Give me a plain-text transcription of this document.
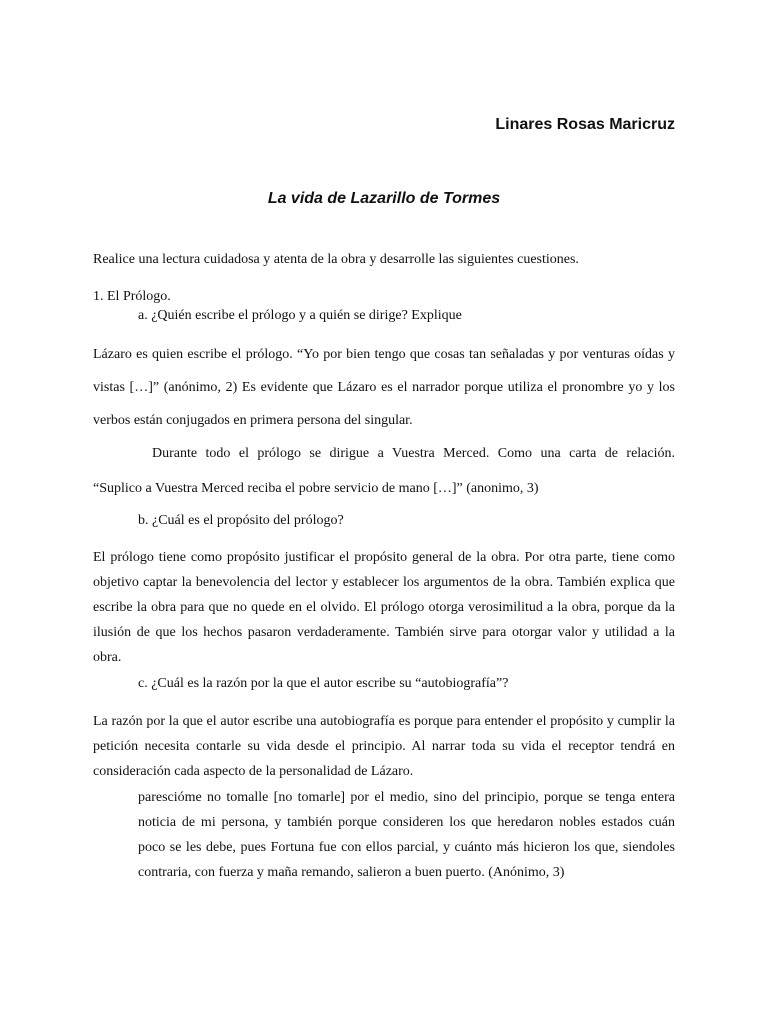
Linares Rosas Maricruz
La vida de Lazarillo de Tormes

Realice una lectura cuidadosa y atenta de la obra y desarrolle las siguientes cuestiones.

1. El Prólogo.

a. ¿Quién escribe el prólogo y a quién se dirige? Explique

Lázaro es quien escribe el prólogo. “Yo por bien tengo que cosas tan señaladas y por venturas oídas y vistas […]” (anónimo, 2) Es evidente que Lázaro es el narrador porque utiliza el pronombre yo y los verbos están conjugados en primera persona del singular.

Durante todo el prólogo se dirigue a Vuestra Merced. Como una carta de relación.

“Suplico a Vuestra Merced reciba el pobre servicio de mano […]” (anonimo, 3)

b. ¿Cuál es el propósito del prólogo?

El prólogo tiene como propósito justificar el propósito general de la obra. Por otra parte, tiene como objetivo captar la benevolencia del lector y establecer los argumentos de la obra. También explica que escribe la obra para que no quede en el olvido. El prólogo otorga verosimilitud a la obra, porque da la ilusión de que los hechos pasaron verdaderamente. También sirve para otorgar valor y utilidad a la obra.

c. ¿Cuál es la razón por la que el autor escribe su “autobiografía”?

La razón por la que el autor escribe una autobiografía es porque para entender el propósito y cumplir la petición necesita contarle su vida desde el principio. Al narrar toda su vida el receptor tendrá en consideración cada aspecto de la personalidad de Lázaro.

parescióme no tomalle [no tomarle] por el medio, sino del principio, porque se tenga entera noticia de mi persona, y también porque consideren los que heredaron nobles estados cuán poco se les debe, pues Fortuna fue con ellos parcial, y cuánto más hicieron los que, siendoles contraria, con fuerza y maña remando, salieron a buen puerto. (Anónimo, 3)
